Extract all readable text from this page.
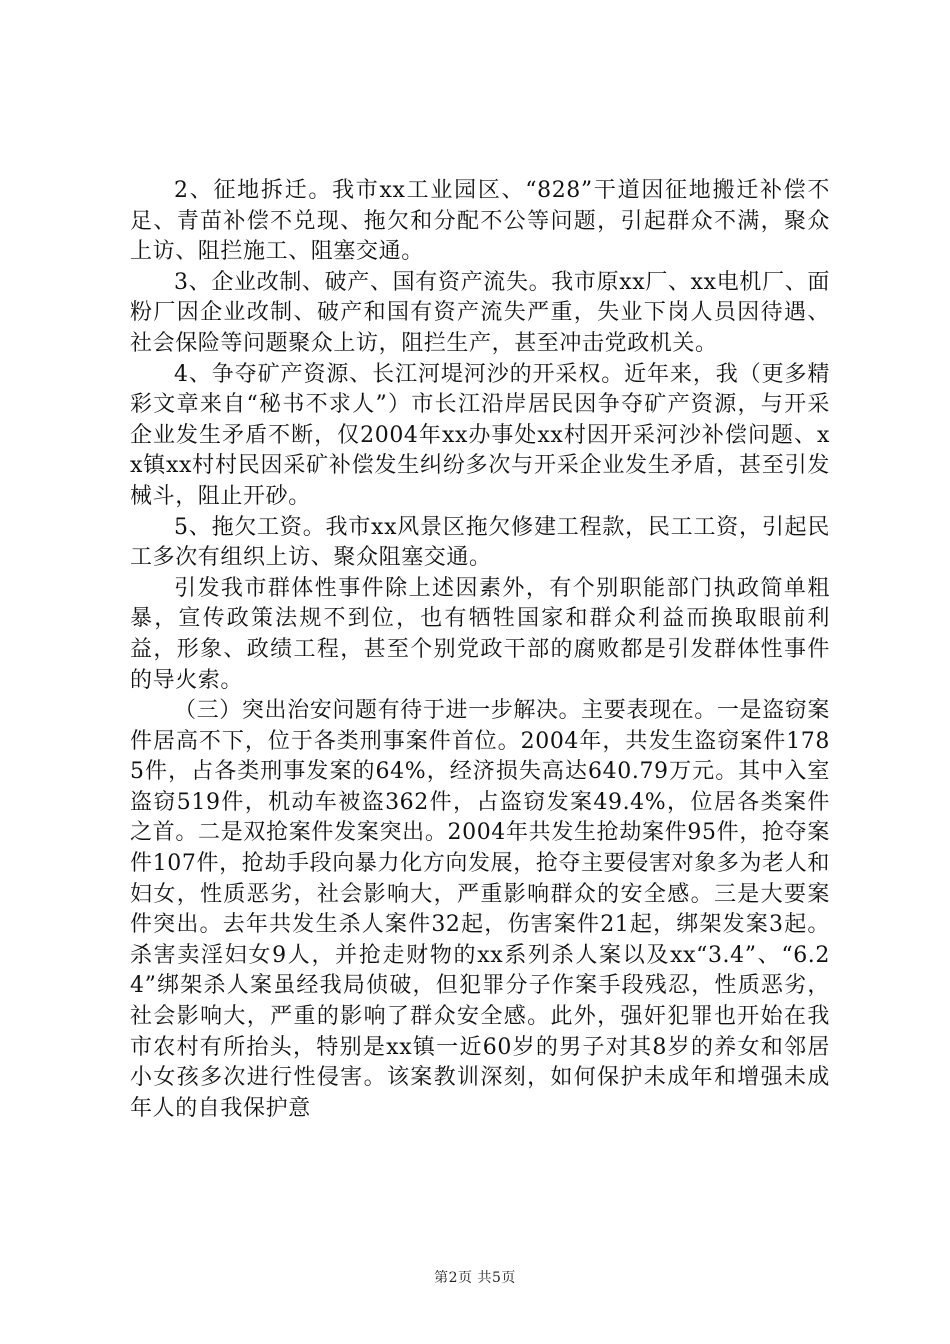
2、征地拆迁。我市xx工业园区、“828”干道因征地搬迁补偿不足、青苗补偿不兑现、拖欠和分配不公等问题，引起群众不满，聚众上访、阻拦施工、阻塞交通。

3、企业改制、破产、国有资产流失。我市原xx厂、xx电机厂、面粉厂因企业改制、破产和国有资产流失严重，失业下岗人员因待遇、社会保险等问题聚众上访，阻拦生产，甚至冲击党政机关。

4、争夺矿产资源、长江河堤河沙的开采权。近年来，我（更多精彩文章来自“秘书不求人”）市长江沿岸居民因争夺矿产资源，与开采企业发生矛盾不断，仅2004年xx办事处xx村因开采河沙补偿问题、xx镇xx村村民因采矿补偿发生纠纷多次与开采企业发生矛盾，甚至引发械斗，阻止开砂。

5、拖欠工资。我市xx风景区拖欠修建工程款，民工工资，引起民工多次有组织上访、聚众阻塞交通。

引发我市群体性事件除上述因素外，有个别职能部门执政简单粗暴，宣传政策法规不到位，也有牺牲国家和群众利益而换取眼前利益，形象、政绩工程，甚至个别党政干部的腐败都是引发群体性事件的导火索。

（三）突出治安问题有待于进一步解决。主要表现在。一是盗窃案件居高不下，位于各类刑事案件首位。2004年，共发生盗窃案件1785件，占各类刑事发案的64%，经济损失高达640.79万元。其中入室盗窃519件，机动车被盗362件，占盗窃发案49.4%，位居各类案件之首。二是双抢案件发案突出。2004年共发生抢劫案件95件，抢夺案件107件，抢劫手段向暴力化方向发展，抢夺主要侵害对象多为老人和妇女，性质恶劣，社会影响大，严重影响群众的安全感。三是大要案件突出。去年共发生杀人案件32起，伤害案件21起，绑架发案3起。杀害卖淫妇女9人，并抢走财物的xx系列杀人案以及xx“3.4”、“6.24”绑架杀人案虽经我局侦破，但犯罪分子作案手段残忍，性质恶劣，社会影响大，严重的影响了群众安全感。此外，强奸犯罪也开始在我市农村有所抬头，特别是xx镇一近60岁的男子对其8岁的养女和邻居小女孩多次进行性侵害。该案教训深刻，如何保护未成年和增强未成年人的自我保护意

第2页 共5页
